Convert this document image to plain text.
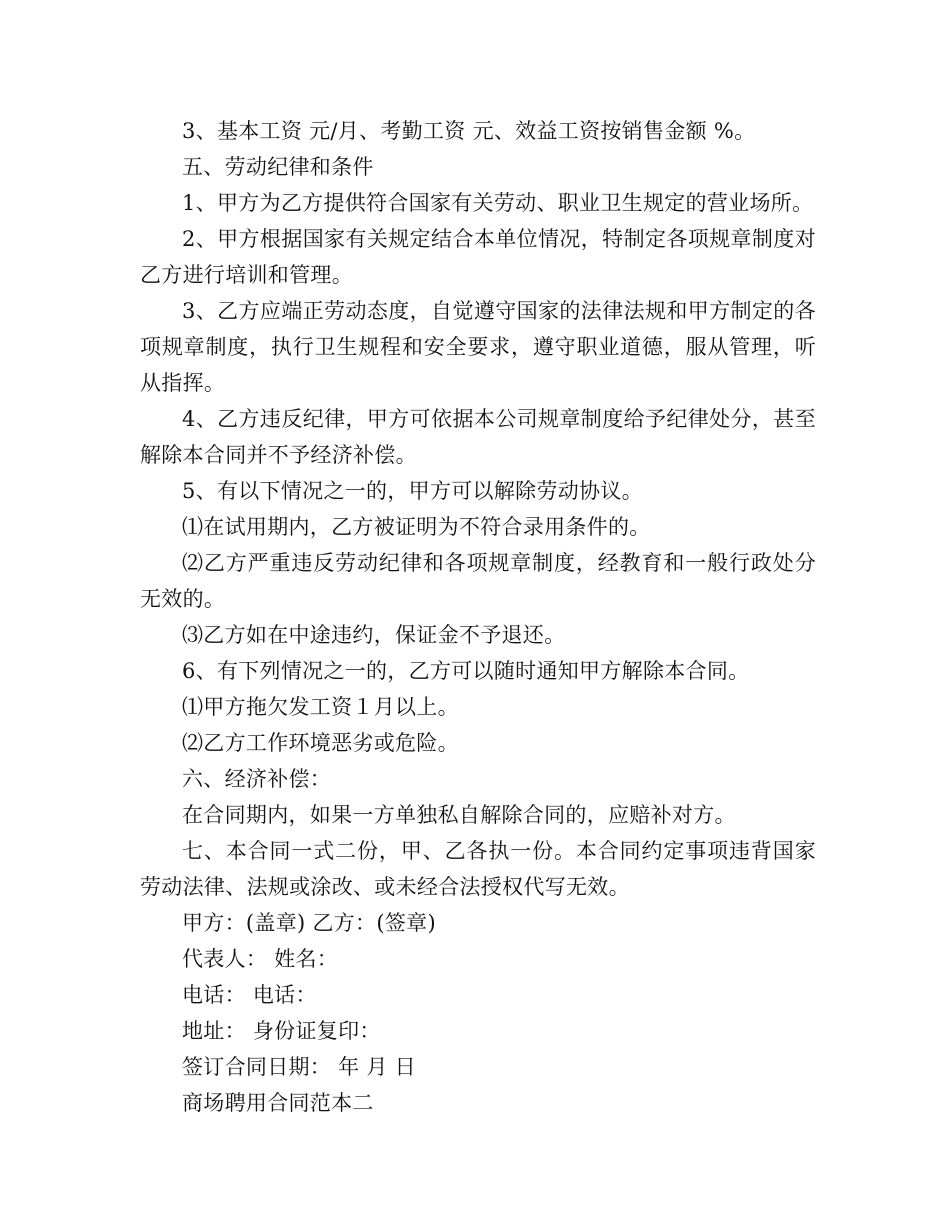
3、基本工资 元/月、考勤工资 元、效益工资按销售金额 %。

五、劳动纪律和条件

1、甲方为乙方提供符合国家有关劳动、职业卫生规定的营业场所。

2、甲方根据国家有关规定结合本单位情况，特制定各项规章制度对乙方进行培训和管理。

3、乙方应端正劳动态度，自觉遵守国家的法律法规和甲方制定的各项规章制度，执行卫生规程和安全要求，遵守职业道德，服从管理，听从指挥。

4、乙方违反纪律，甲方可依据本公司规章制度给予纪律处分，甚至解除本合同并不予经济补偿。

5、有以下情况之一的，甲方可以解除劳动协议。

⑴在试用期内，乙方被证明为不符合录用条件的。

⑵乙方严重违反劳动纪律和各项规章制度，经教育和一般行政处分无效的。

⑶乙方如在中途违约，保证金不予退还。

6、有下列情况之一的，乙方可以随时通知甲方解除本合同。

⑴甲方拖欠发工资１月以上。

⑵乙方工作环境恶劣或危险。

六、经济补偿：

在合同期内，如果一方单独私自解除合同的，应赔补对方。

七、本合同一式二份，甲、乙各执一份。本合同约定事项违背国家劳动法律、法规或涂改、或未经合法授权代写无效。

甲方：(盖章) 乙方：(签章)

代表人： 姓名：

电话： 电话：

地址： 身份证复印：

签订合同日期： 年 月 日

商场聘用合同范本二
